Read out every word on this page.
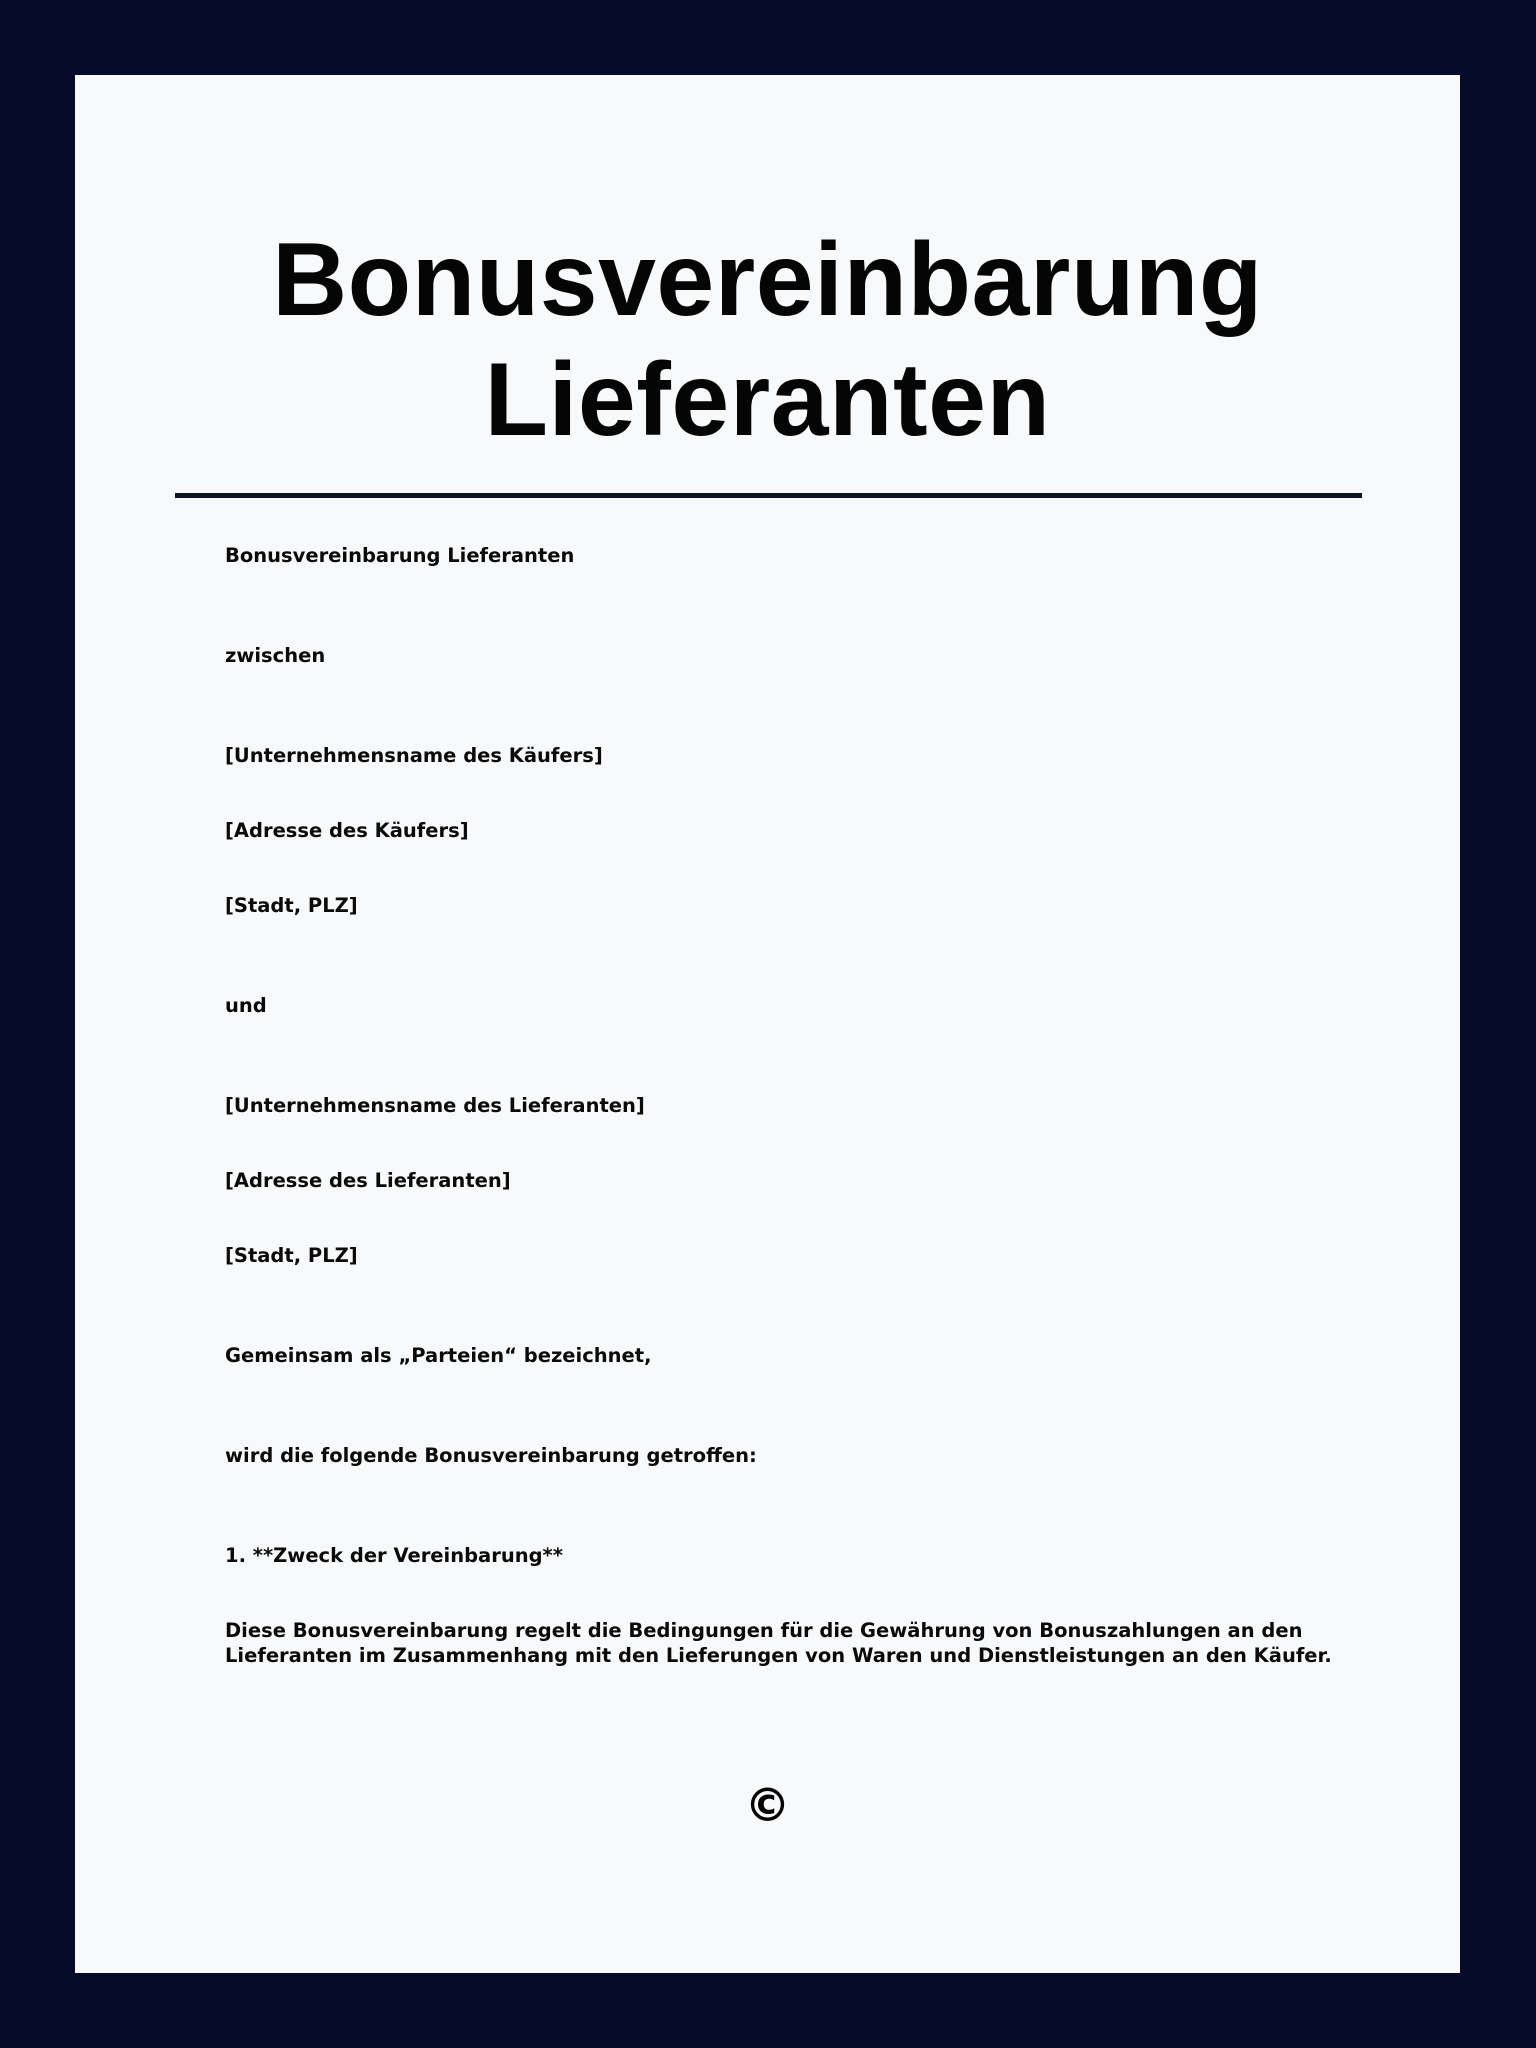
Bonusvereinbarung
Lieferanten

Bonusvereinbarung Lieferanten

zwischen

[Unternehmensname des Käufers]

[Adresse des Käufers]

[Stadt, PLZ]

und

[Unternehmensname des Lieferanten]

[Adresse des Lieferanten]

[Stadt, PLZ]

Gemeinsam als „Parteien“ bezeichnet,

wird die folgende Bonusvereinbarung getroffen:

1. **Zweck der Vereinbarung**

Diese Bonusvereinbarung regelt die Bedingungen für die Gewährung von Bonuszahlungen an den Lieferanten im Zusammenhang mit den Lieferungen von Waren und Dienstleistungen an den Käufer.

©
